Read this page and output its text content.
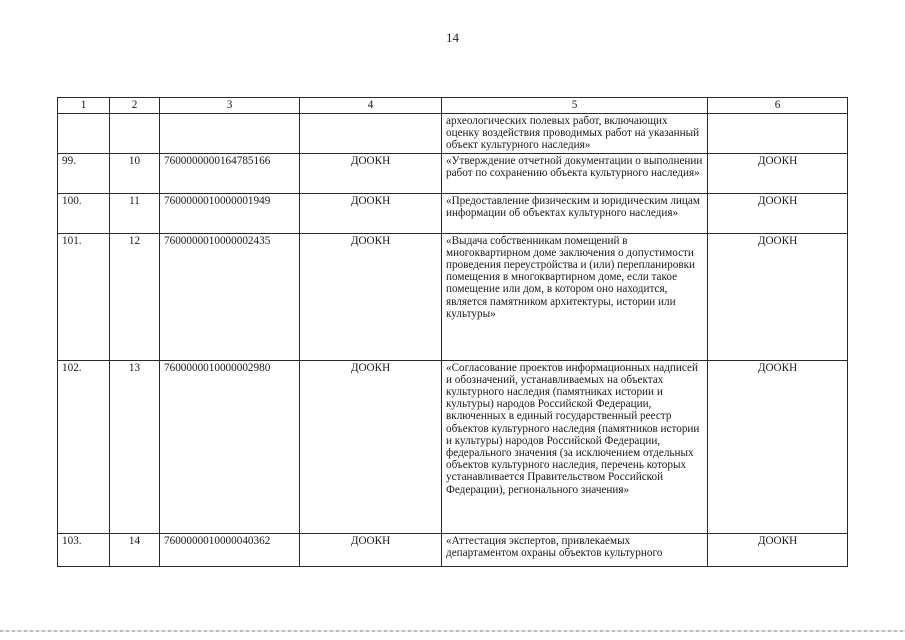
14
1	2	3	4	5	6
				археологических полевых работ, включающих оценку воздействия проводимых работ на указанный объект культурного наследия»	
99.	10	7600000000164785166	ДООКН	«Утверждение отчетной документации о выполнении работ по сохранению объекта культурного наследия»	ДООКН
100.	11	7600000010000001949	ДООКН	«Предоставление физическим и юридическим лицам информации об объектах культурного наследия»	ДООКН
101.	12	7600000010000002435	ДООКН	«Выдача собственникам помещений в многоквартирном доме заключения о допустимости проведения переустройства и (или) перепланировки помещения в многоквартирном доме, если такое помещение или дом, в котором оно находится, является памятником архитектуры, истории или культуры»	ДООКН
102.	13	7600000010000002980	ДООКН	«Согласование проектов информационных надписей и обозначений, устанавливаемых на объектах культурного наследия (памятниках истории и культуры) народов Российской Федерации, включенных в единый государственный реестр объектов культурного наследия (памятников истории и культуры) народов Российской Федерации, федерального значения (за исключением отдельных объектов культурного наследия, перечень которых устанавливается Правительством Российской Федерации), регионального значения»	ДООКН
103.	14	7600000010000040362	ДООКН	«Аттестация экспертов, привлекаемых департаментом охраны объектов культурного	ДООКН
